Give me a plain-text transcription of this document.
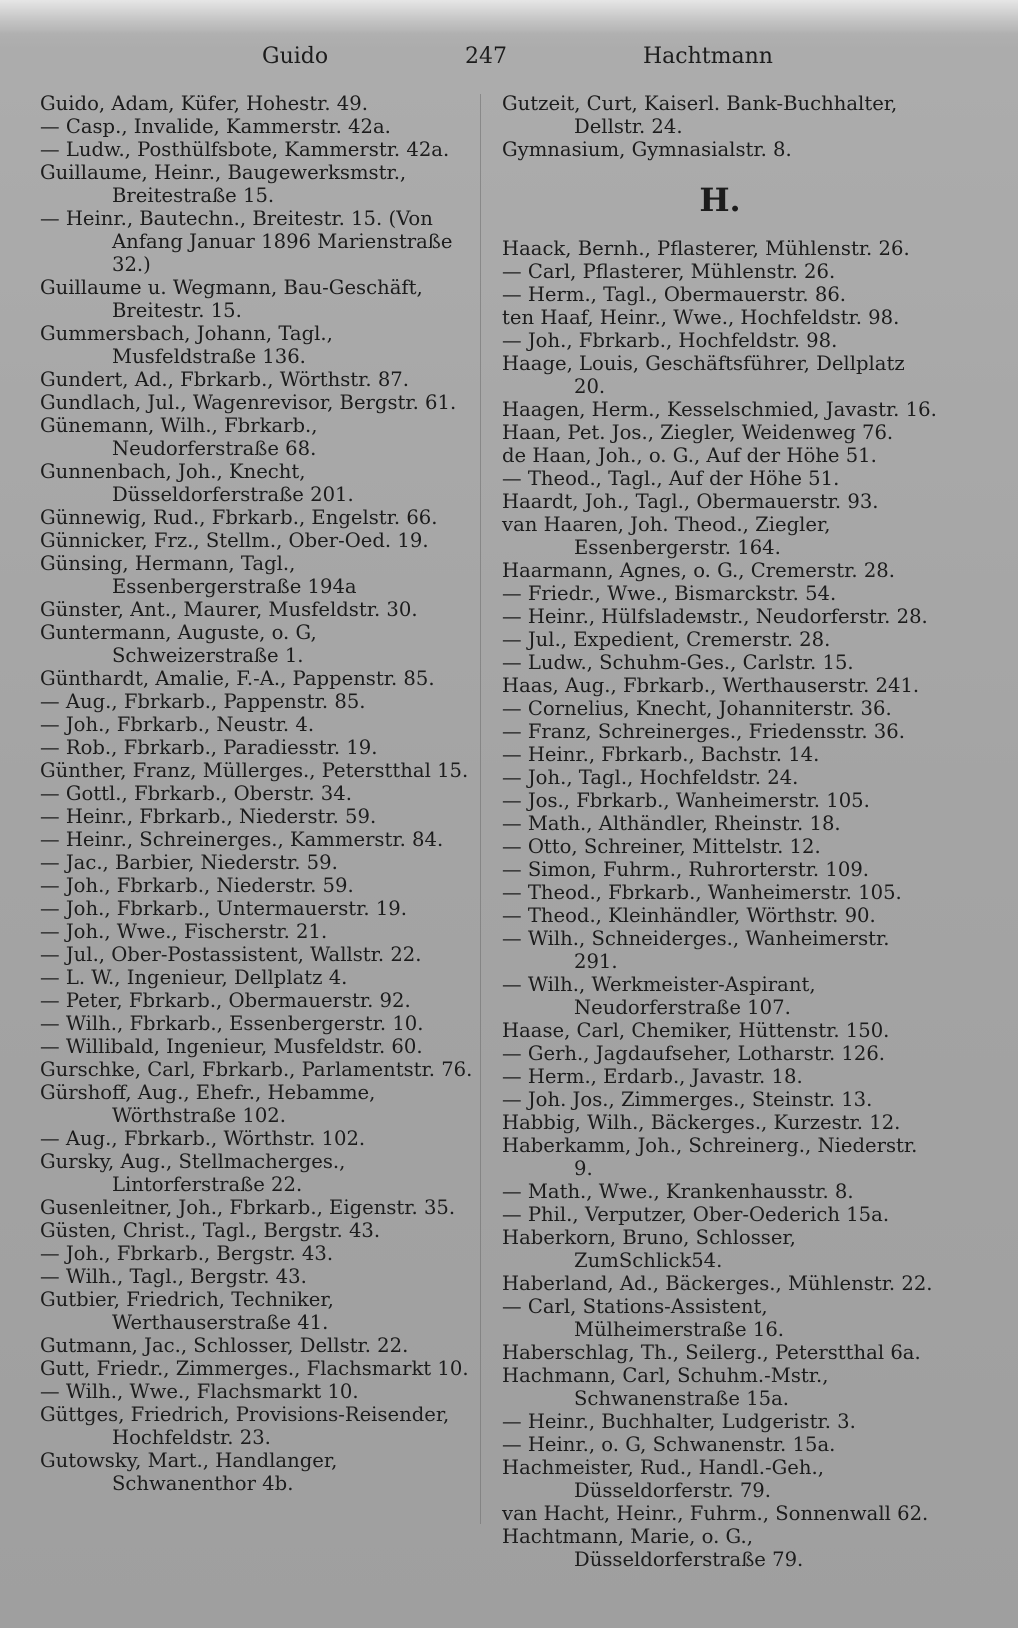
Guido	247	Hachtmann
Guido, Adam, Küfer, Hohestr. 49.
— Casp., Invalide, Kammerstr. 42a.
— Ludw., Posthülfsbote, Kammerstr. 42a.
Guillaume, Heinr., Baugewerksmstr., Breitestraße 15.
— Heinr., Bautechn., Breitestr. 15. (Von Anfang Januar 1896 Marienstraße 32.)
Guillaume u. Wegmann, Bau-Geschäft, Breitestr. 15.
Gummersbach, Johann, Tagl., Musfeldstraße 136.
Gundert, Ad., Fbrkarb., Wörthstr. 87.
Gundlach, Jul., Wagenrevisor, Bergstr. 61.
Günemann, Wilh., Fbrkarb., Neudorferstraße 68.
Gunnenbach, Joh., Knecht, Düsseldorferstraße 201.
Günnewig, Rud., Fbrkarb., Engelstr. 66.
Günnicker, Frz., Stellm., Ober-Oed. 19.
Günsing, Hermann, Tagl., Essenbergerstraße 194a
Günster, Ant., Maurer, Musfeldstr. 30.
Guntermann, Auguste, o. G, Schweizerstraße 1.
Günthardt, Amalie, F.-A., Pappenstr. 85.
— Aug., Fbrkarb., Pappenstr. 85.
— Joh., Fbrkarb., Neustr. 4.
— Rob., Fbrkarb., Paradiesstr. 19.
Günther, Franz, Müllerges., Peterstthal 15.
— Gottl., Fbrkarb., Oberstr. 34.
— Heinr., Fbrkarb., Niederstr. 59.
— Heinr., Schreinerges., Kammerstr. 84.
— Jac., Barbier, Niederstr. 59.
— Joh., Fbrkarb., Niederstr. 59.
— Joh., Fbrkarb., Untermauerstr. 19.
— Joh., Wwe., Fischerstr. 21.
— Jul., Ober-Postassistent, Wallstr. 22.
— L. W., Ingenieur, Dellplatz 4.
— Peter, Fbrkarb., Obermauerstr. 92.
— Wilh., Fbrkarb., Essenbergerstr. 10.
— Willibald, Ingenieur, Musfeldstr. 60.
Gurschke, Carl, Fbrkarb., Parlamentstr. 76.
Gürshoff, Aug., Ehefr., Hebamme, Wörthstraße 102.
— Aug., Fbrkarb., Wörthstr. 102.
Gursky, Aug., Stellmacherges., Lintorferstraße 22.
Gusenleitner, Joh., Fbrkarb., Eigenstr. 35.
Güsten, Christ., Tagl., Bergstr. 43.
— Joh., Fbrkarb., Bergstr. 43.
— Wilh., Tagl., Bergstr. 43.
Gutbier, Friedrich, Techniker, Werthauserstraße 41.
Gutmann, Jac., Schlosser, Dellstr. 22.
Gutt, Friedr., Zimmerges., Flachsmarkt 10.
— Wilh., Wwe., Flachsmarkt 10.
Güttges, Friedrich, Provisions-Reisender, Hochfeldstr. 23.
Gutowsky, Mart., Handlanger, Schwanenthor 4b.
Gutzeit, Curt, Kaiserl. Bank-Buchhalter, Dellstr. 24.
Gymnasium, Gymnasialstr. 8.
H.
Haack, Bernh., Pflasterer, Mühlenstr. 26.
— Carl, Pflasterer, Mühlenstr. 26.
— Herm., Tagl., Obermauerstr. 86.
ten Haaf, Heinr., Wwe., Hochfeldstr. 98.
— Joh., Fbrkarb., Hochfeldstr. 98.
Haage, Louis, Geschäftsführer, Dellplatz 20.
Haagen, Herm., Kesselschmied, Javastr. 16.
Haan, Pet. Jos., Ziegler, Weidenweg 76.
de Haan, Joh., o. G., Auf der Höhe 51.
— Theod., Tagl., Auf der Höhe 51.
Haardt, Joh., Tagl., Obermauerstr. 93.
van Haaren, Joh. Theod., Ziegler, Essenbergerstr. 164.
Haarmann, Agnes, o. G., Cremerstr. 28.
— Friedr., Wwe., Bismarckstr. 54.
— Heinr., Hülfsladемstr., Neudorferstr. 28.
— Jul., Expedient, Cremerstr. 28.
— Ludw., Schuhm-Ges., Carlstr. 15.
Haas, Aug., Fbrkarb., Werthauserstr. 241.
— Cornelius, Knecht, Johanniterstr. 36.
— Franz, Schreinerges., Friedensstr. 36.
— Heinr., Fbrkarb., Bachstr. 14.
— Joh., Tagl., Hochfeldstr. 24.
— Jos., Fbrkarb., Wanheimerstr. 105.
— Math., Althändler, Rheinstr. 18.
— Otto, Schreiner, Mittelstr. 12.
— Simon, Fuhrm., Ruhrorterstr. 109.
— Theod., Fbrkarb., Wanheimerstr. 105.
— Theod., Kleinhändler, Wörthstr. 90.
— Wilh., Schneiderges., Wanheimerstr. 291.
— Wilh., Werkmeister-Aspirant, Neudorferstraße 107.
Haase, Carl, Chemiker, Hüttenstr. 150.
— Gerh., Jagdaufseher, Lotharstr. 126.
— Herm., Erdarb., Javastr. 18.
— Joh. Jos., Zimmerges., Steinstr. 13.
Habbig, Wilh., Bäckerges., Kurzestr. 12.
Haberkamm, Joh., Schreinerg., Niederstr. 9.
— Math., Wwe., Krankenhausstr. 8.
— Phil., Verputzer, Ober-Oederich 15a.
Haberkorn, Bruno, Schlosser, ZumSchlick54.
Haberland, Ad., Bäckerges., Mühlenstr. 22.
— Carl, Stations-Assistent, Mülheimerstraße 16.
Haberschlag, Th., Seilerg., Peterstthal 6a.
Hachmann, Carl, Schuhm.-Mstr., Schwanenstraße 15a.
— Heinr., Buchhalter, Ludgeristr. 3.
— Heinr., o. G, Schwanenstr. 15a.
Hachmeister, Rud., Handl.-Geh., Düsseldorferstr. 79.
van Hacht, Heinr., Fuhrm., Sonnenwall 62.
Hachtmann, Marie, o. G., Düsseldorferstraße 79.
